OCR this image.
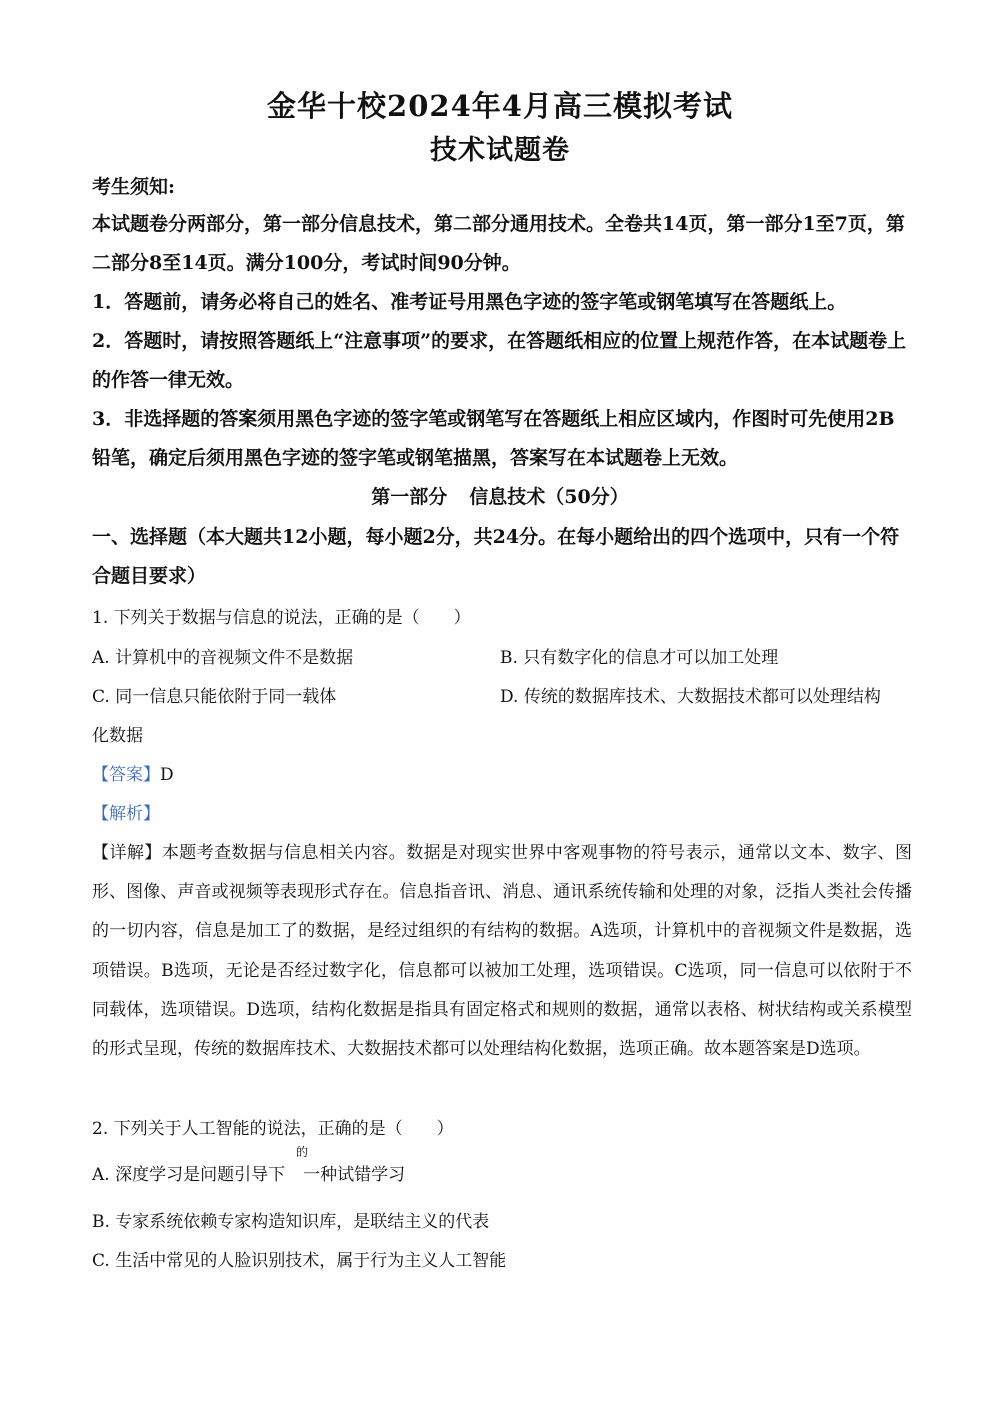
金华十校2024年4月高三模拟考试
技术试题卷
考生须知:

本试题卷分两部分，第一部分信息技术，第二部分通用技术。全卷共14页，第一部分1至7页，第二部分8至14页。满分100分，考试时间90分钟。

1．答题前，请务必将自己的姓名、准考证号用黑色字迹的签字笔或钢笔填写在答题纸上。

2．答题时，请按照答题纸上“注意事项”的要求，在答题纸相应的位置上规范作答，在本试题卷上的作答一律无效。

3．非选择题的答案须用黑色字迹的签字笔或钢笔写在答题纸上相应区域内，作图时可先使用2B铅笔，确定后须用黑色字迹的签字笔或钢笔描黑，答案写在本试题卷上无效。

第一部分 信息技术（50分）
一、选择题（本大题共12小题，每小题2分，共24分。在每小题给出的四个选项中，只有一个符合题目要求）
1. 下列关于数据与信息的说法，正确的是（　　）
A. 计算机中的音视频文件不是数据	B. 只有数字化的信息才可以加工处理
C. 同一信息只能依附于同一载体	D. 传统的数据库技术、大数据技术都可以处理结构
化数据
【答案】D
【解析】

【详解】本题考查数据与信息相关内容。数据是对现实世界中客观事物的符号表示，通常以文本、数字、图形、图像、声音或视频等表现形式存在。信息指音讯、消息、通讯系统传输和处理的对象，泛指人类社会传播的一切内容，信息是加工了的数据，是经过组织的有结构的数据。A选项，计算机中的音视频文件是数据，选项错误。B选项，无论是否经过数字化，信息都可以被加工处理，选项错误。C选项，同一信息可以依附于不同载体，选项错误。D选项，结构化数据是指具有固定格式和规则的数据，通常以表格、树状结构或关系模型的形式呈现，传统的数据库技术、大数据技术都可以处理结构化数据，选项正确。故本题答案是D选项。

2. 下列关于人工智能的说法，正确的是（　　）
A. 深度学习是问题引导下 一种试错学习
的
B. 专家系统依赖专家构造知识库，是联结主义的代表
C. 生活中常见的人脸识别技术，属于行为主义人工智能
